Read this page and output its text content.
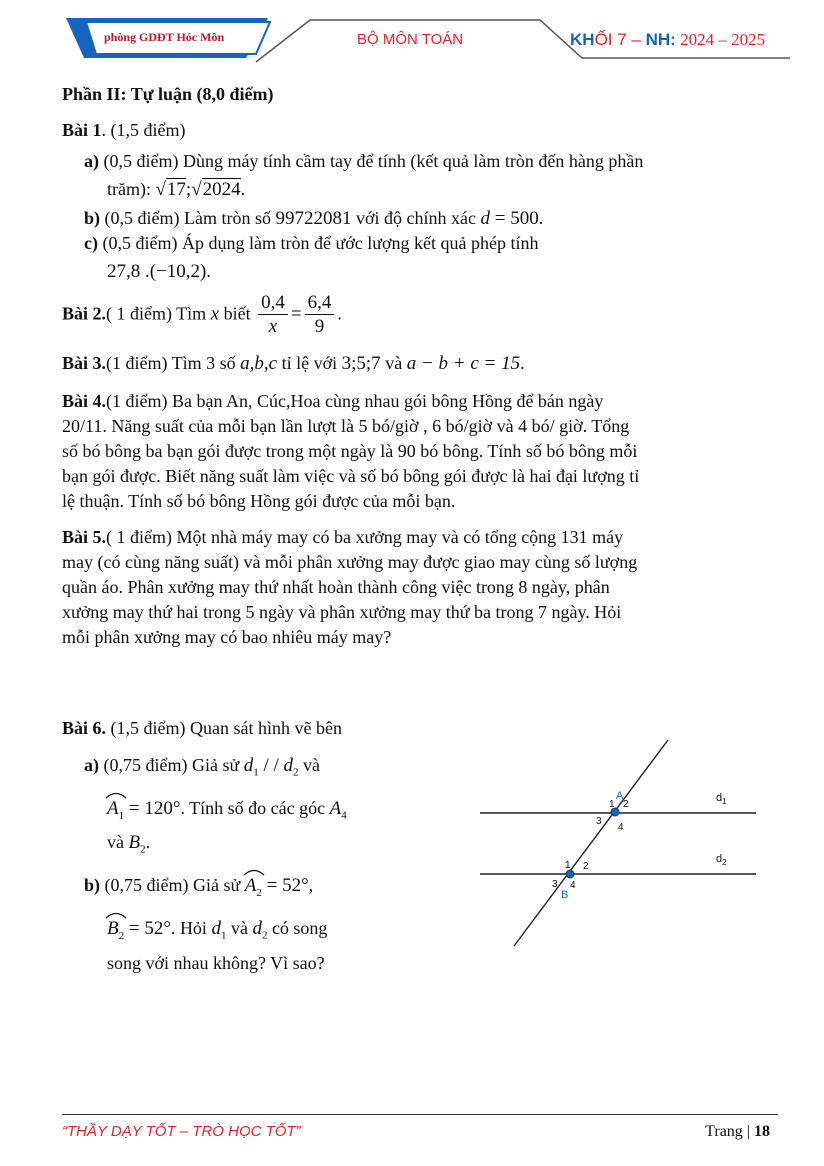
phòng GDĐT Hóc Môn	BỘ MÔN TOÁN	KHỐI 7 – NH: 2024 – 2025

Phần II: Tự luận (8,0 điểm)

Bài 1. (1,5 điểm)

a) (0,5 điểm) Dùng máy tính cầm tay để tính (kết quả làm tròn đến hàng phần

trăm): √17;√2024.

b) (0,5 điểm) Làm tròn số 99722081 với độ chính xác d = 500.

c) (0,5 điểm) Áp dụng làm tròn để ước lượng kết quả phép tính

27,8 .(−10,2).

Bài 2.( 1 điểm) Tìm x biết $\frac{0,4}{x} = \frac{6,4}{9}$ .

Bài 3.(1 điểm) Tìm 3 số a,b,c tỉ lệ với 3;5;7 và a − b + c = 15.

Bài 4.(1 điểm) Ba bạn An, Cúc,Hoa cùng nhau gói bông Hồng để bán ngày

20/11. Năng suất của mỗi bạn lần lượt là 5 bó/giờ , 6 bó/giờ và 4 bó/ giờ. Tổng

số bó bông ba bạn gói được trong một ngày là 90 bó bông. Tính số bó bông mỗi

bạn gói được. Biết năng suất làm việc và số bó bông gói được là hai đại lượng tỉ

lệ thuận. Tính số bó bông Hồng gói được của mỗi bạn.

Bài 5.( 1 điểm) Một nhà máy may có ba xưởng may và có tổng cộng 131 máy

may (có cùng năng suất) và mỗi phân xưởng may được giao may cùng số lượng

quần áo. Phân xưởng may thứ nhất hoàn thành công việc trong 8 ngày, phân

xưởng may thứ hai trong 5 ngày và phân xưởng may thứ ba trong 7 ngày. Hỏi

mỗi phân xưởng may có bao nhiêu máy may?

Bài 6. (1,5 điểm) Quan sát hình vẽ bên

a) (0,75 điểm) Giả sử $d_1$ / / $d_2$ và

$A_1 = 120^\circ$. Tính số đo các góc $A_4$

và $B_2$.

b) (0,75 điểm) Giả sử
$A_2 = 52^\circ$,

$B_2 = 52^\circ$. Hỏi $d_1$ và $d_2$ có song

song với nhau không? Vì sao?

A
B
1 2
3
4
1 2
3 4
$d_1$
$d_2$
“THẦY DẠY TỐT – TRÒ HỌC TỐT”	Trang | 18
